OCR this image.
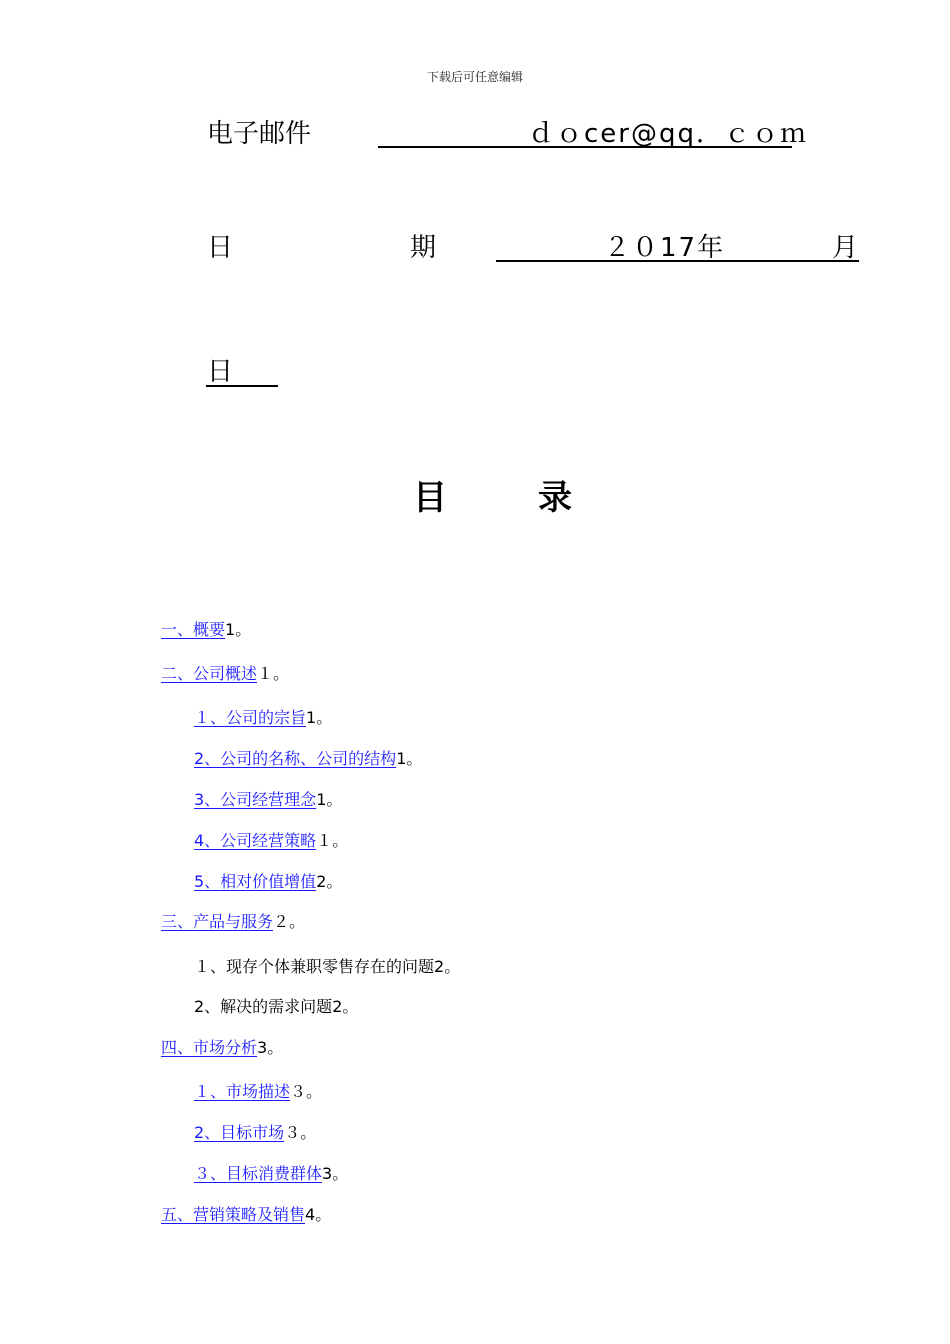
下载后可任意编辑
电子邮件	ｄｏcer@qq．ｃｏｍ
日	期	２０17年	月
日
目	录
一、概要1。
二、公司概述１。
１、公司的宗旨1。
2、公司的名称、公司的结构1。
3、公司经营理念1。
4、公司经营策略１。
5、相对价值增值2。
三、产品与服务２。
１、现存个体兼职零售存在的问题2。
2、解决的需求问题2。
四、市场分析3。
１、市场描述３。
2、目标市场３。
３、目标消费群体3。
五、营销策略及销售4。
